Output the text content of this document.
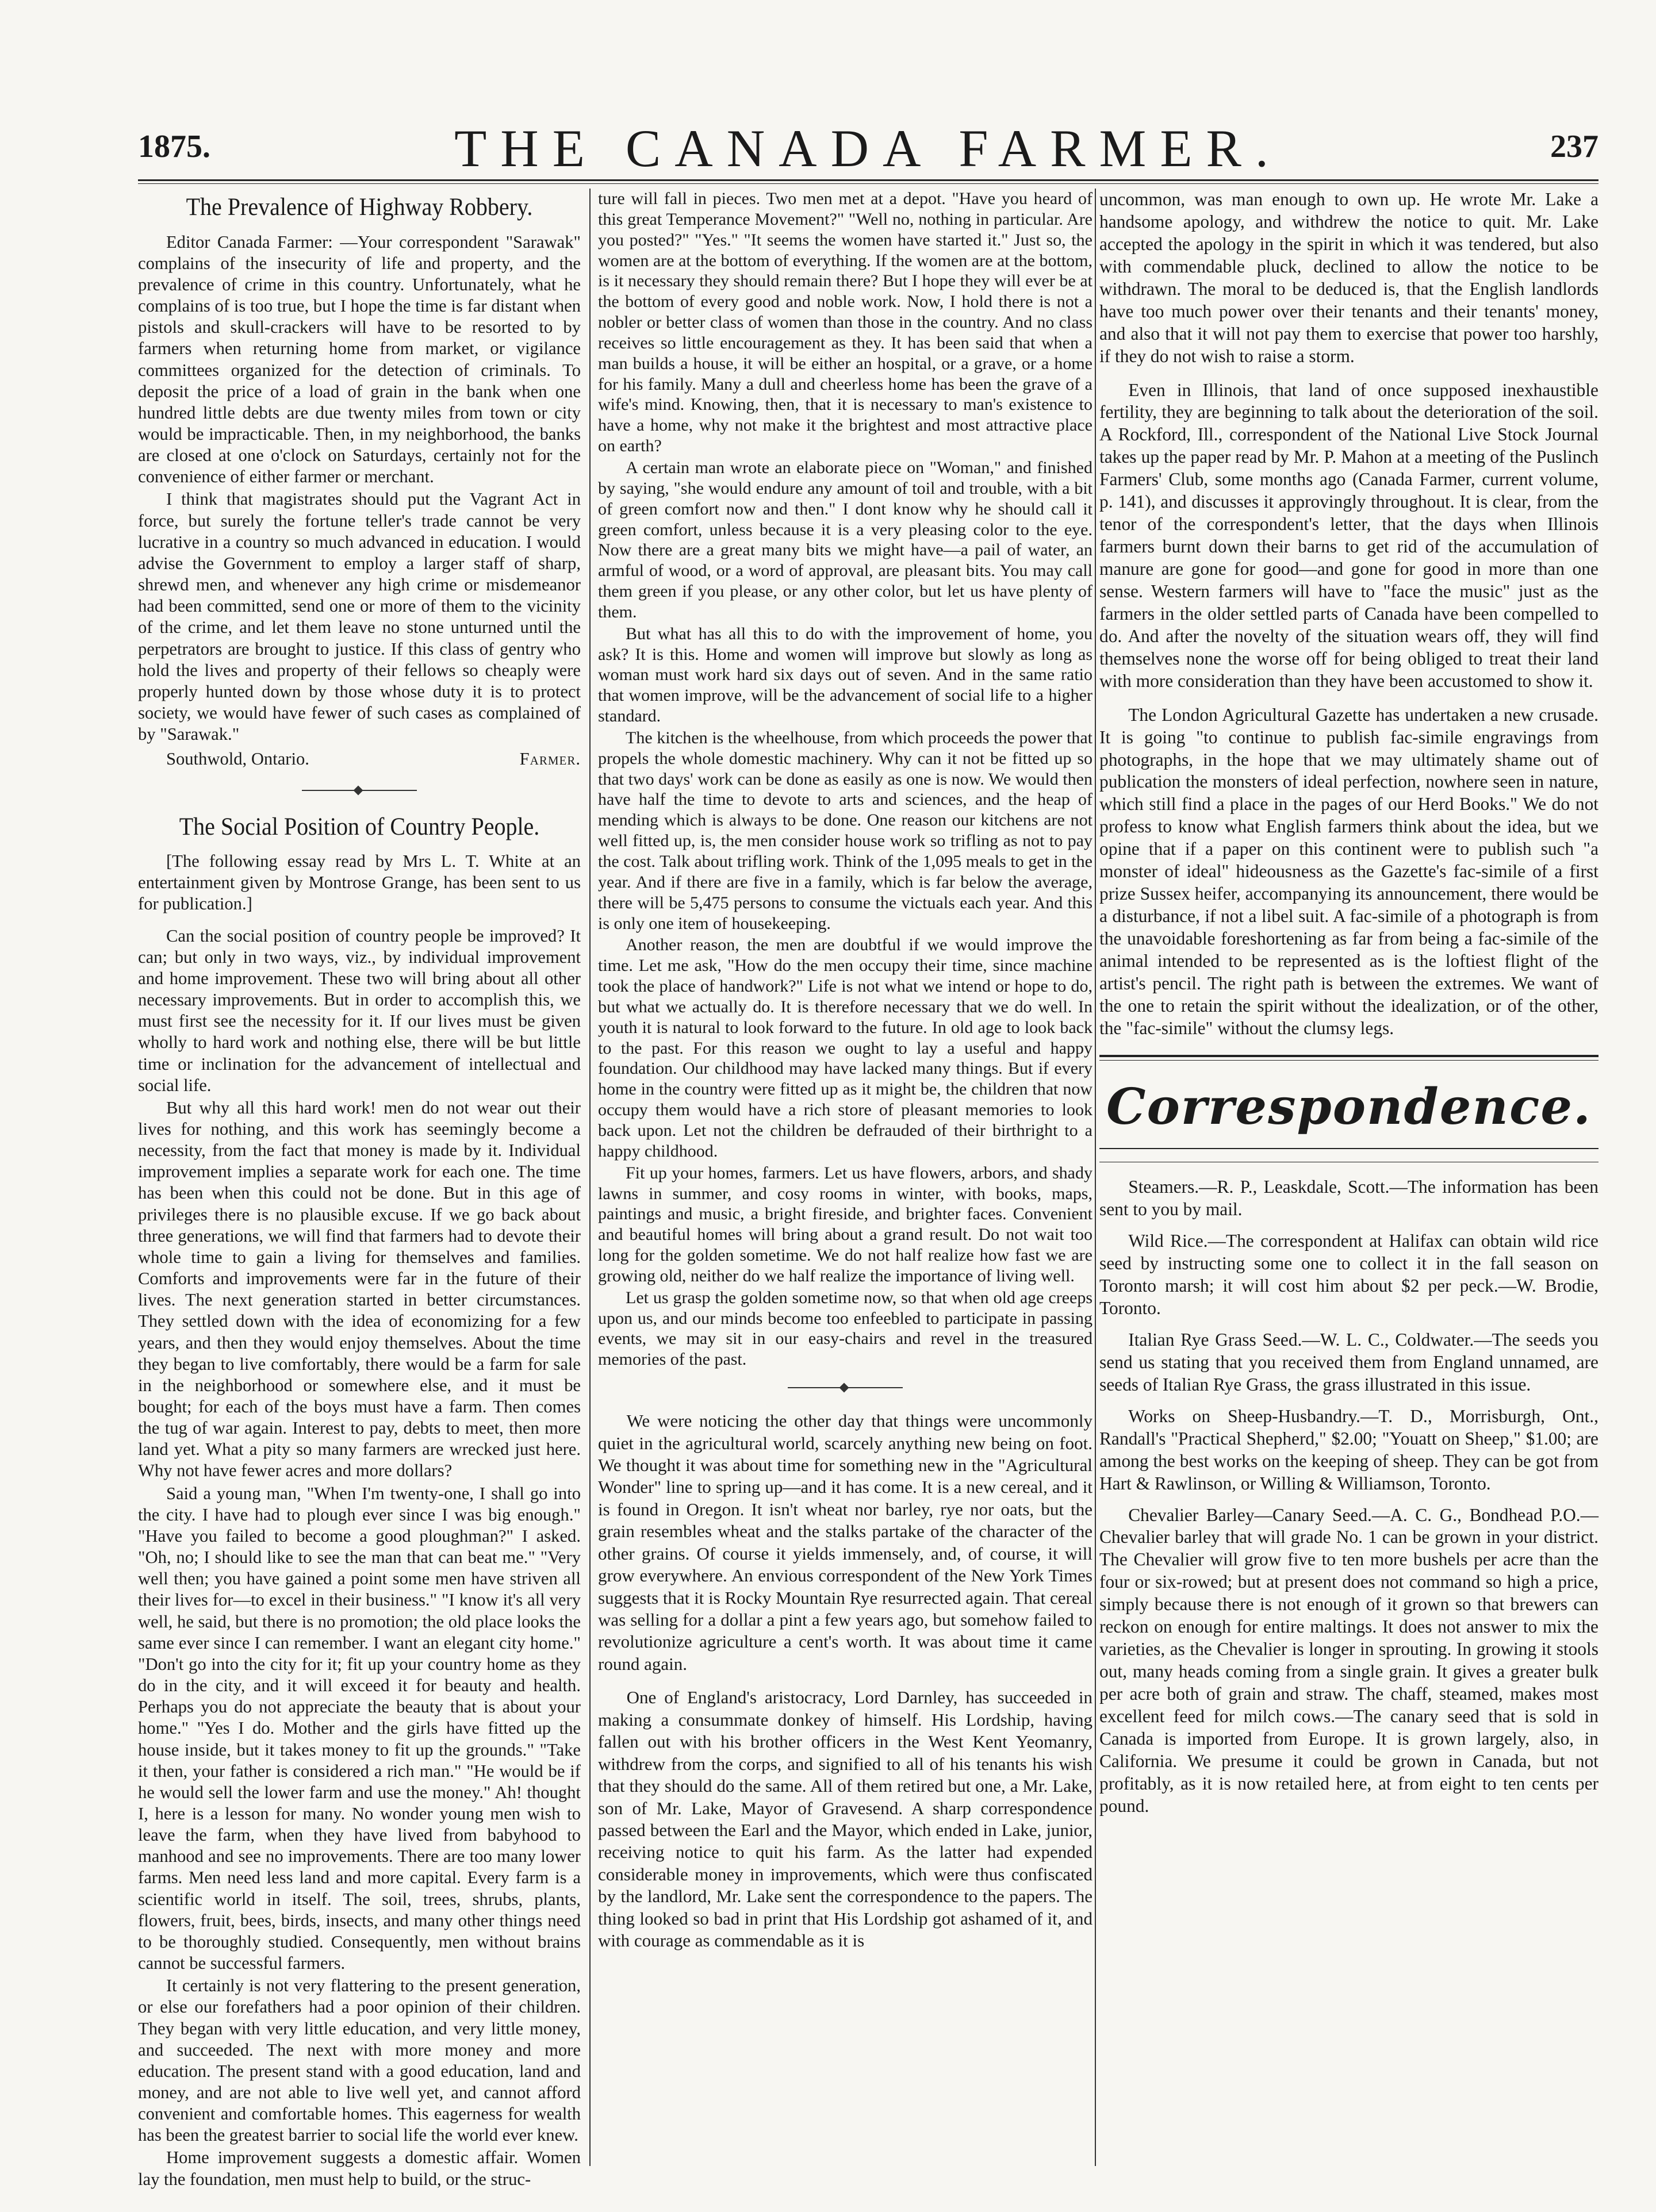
1875.	THE CANADA FARMER.	237
The Prevalence of Highway Robbery.

Editor Canada Farmer: —Your correspondent "Sarawak" complains of the insecurity of life and property, and the prevalence of crime in this country. Unfortunately, what he complains of is too true, but I hope the time is far distant when pistols and skull-crackers will have to be resorted to by farmers when returning home from market, or vigilance committees organized for the detection of criminals. To deposit the price of a load of grain in the bank when one hundred little debts are due twenty miles from town or city would be impracticable. Then, in my neighborhood, the banks are closed at one o'clock on Saturdays, certainly not for the convenience of either farmer or merchant.

I think that magistrates should put the Vagrant Act in force, but surely the fortune teller's trade cannot be very lucrative in a country so much advanced in education. I would advise the Government to employ a larger staff of sharp, shrewd men, and whenever any high crime or misdemeanor had been committed, send one or more of them to the vicinity of the crime, and let them leave no stone unturned until the perpetrators are brought to justice. If this class of gentry who hold the lives and property of their fellows so cheaply were properly hunted down by those whose duty it is to protect society, we would have fewer of such cases as complained of by "Sarawak."

Southwold, Ontario.	Farmer.
The Social Position of Country People.

[The following essay read by Mrs L. T. White at an entertainment given by Montrose Grange, has been sent to us for publication.]

Can the social position of country people be improved? It can; but only in two ways, viz., by individual improvement and home improvement. These two will bring about all other necessary improvements. But in order to accomplish this, we must first see the necessity for it. If our lives must be given wholly to hard work and nothing else, there will be but little time or inclination for the advancement of intellectual and social life.

But why all this hard work! men do not wear out their lives for nothing, and this work has seemingly become a necessity, from the fact that money is made by it. Individual improvement implies a separate work for each one. The time has been when this could not be done. But in this age of privileges there is no plausible excuse. If we go back about three generations, we will find that farmers had to devote their whole time to gain a living for themselves and families. Comforts and improvements were far in the future of their lives. The next generation started in better circumstances. They settled down with the idea of economizing for a few years, and then they would enjoy themselves. About the time they began to live comfortably, there would be a farm for sale in the neighborhood or somewhere else, and it must be bought; for each of the boys must have a farm. Then comes the tug of war again. Interest to pay, debts to meet, then more land yet. What a pity so many farmers are wrecked just here. Why not have fewer acres and more dollars?

Said a young man, "When I'm twenty-one, I shall go into the city. I have had to plough ever since I was big enough." "Have you failed to become a good ploughman?" I asked. "Oh, no; I should like to see the man that can beat me." "Very well then; you have gained a point some men have striven all their lives for—to excel in their business." "I know it's all very well, he said, but there is no promotion; the old place looks the same ever since I can remember. I want an elegant city home." "Don't go into the city for it; fit up your country home as they do in the city, and it will exceed it for beauty and health. Perhaps you do not appreciate the beauty that is about your home." "Yes I do. Mother and the girls have fitted up the house inside, but it takes money to fit up the grounds." "Take it then, your father is considered a rich man." "He would be if he would sell the lower farm and use the money." Ah! thought I, here is a lesson for many. No wonder young men wish to leave the farm, when they have lived from babyhood to manhood and see no improvements. There are too many lower farms. Men need less land and more capital. Every farm is a scientific world in itself. The soil, trees, shrubs, plants, flowers, fruit, bees, birds, insects, and many other things need to be thoroughly studied. Consequently, men without brains cannot be successful farmers.

It certainly is not very flattering to the present generation, or else our forefathers had a poor opinion of their children. They began with very little education, and very little money, and succeeded. The next with more money and more education. The present stand with a good education, land and money, and are not able to live well yet, and cannot afford convenient and comfortable homes. This eagerness for wealth has been the greatest barrier to social life the world ever knew.

Home improvement suggests a domestic affair. Women lay the foundation, men must help to build, or the struc-

ture will fall in pieces. Two men met at a depot. "Have you heard of this great Temperance Movement?" "Well no, nothing in particular. Are you posted?" "Yes." "It seems the women have started it." Just so, the women are at the bottom of everything. If the women are at the bottom, is it necessary they should remain there? But I hope they will ever be at the bottom of every good and noble work. Now, I hold there is not a nobler or better class of women than those in the country. And no class receives so little encouragement as they. It has been said that when a man builds a house, it will be either an hospital, or a grave, or a home for his family. Many a dull and cheerless home has been the grave of a wife's mind. Knowing, then, that it is necessary to man's existence to have a home, why not make it the brightest and most attractive place on earth?

A certain man wrote an elaborate piece on "Woman," and finished by saying, "she would endure any amount of toil and trouble, with a bit of green comfort now and then." I dont know why he should call it green comfort, unless because it is a very pleasing color to the eye. Now there are a great many bits we might have—a pail of water, an armful of wood, or a word of approval, are pleasant bits. You may call them green if you please, or any other color, but let us have plenty of them.

But what has all this to do with the improvement of home, you ask? It is this. Home and women will improve but slowly as long as woman must work hard six days out of seven. And in the same ratio that women improve, will be the advancement of social life to a higher standard.

The kitchen is the wheelhouse, from which proceeds the power that propels the whole domestic machinery. Why can it not be fitted up so that two days' work can be done as easily as one is now. We would then have half the time to devote to arts and sciences, and the heap of mending which is always to be done. One reason our kitchens are not well fitted up, is, the men consider house work so trifling as not to pay the cost. Talk about trifling work. Think of the 1,095 meals to get in the year. And if there are five in a family, which is far below the average, there will be 5,475 persons to consume the victuals each year. And this is only one item of housekeeping.

Another reason, the men are doubtful if we would improve the time. Let me ask, "How do the men occupy their time, since machine took the place of handwork?" Life is not what we intend or hope to do, but what we actually do. It is therefore necessary that we do well. In youth it is natural to look forward to the future. In old age to look back to the past. For this reason we ought to lay a useful and happy foundation. Our childhood may have lacked many things. But if every home in the country were fitted up as it might be, the children that now occupy them would have a rich store of pleasant memories to look back upon. Let not the children be defrauded of their birthright to a happy childhood.

Fit up your homes, farmers. Let us have flowers, arbors, and shady lawns in summer, and cosy rooms in winter, with books, maps, paintings and music, a bright fireside, and brighter faces. Convenient and beautiful homes will bring about a grand result. Do not wait too long for the golden sometime. We do not half realize how fast we are growing old, neither do we half realize the importance of living well.

Let us grasp the golden sometime now, so that when old age creeps upon us, and our minds become too enfeebled to participate in passing events, we may sit in our easy-chairs and revel in the treasured memories of the past.

We were noticing the other day that things were uncommonly quiet in the agricultural world, scarcely anything new being on foot. We thought it was about time for something new in the "Agricultural Wonder" line to spring up—and it has come. It is a new cereal, and it is found in Oregon. It isn't wheat nor barley, rye nor oats, but the grain resembles wheat and the stalks partake of the character of the other grains. Of course it yields immensely, and, of course, it will grow everywhere. An envious correspondent of the New York Times suggests that it is Rocky Mountain Rye resurrected again. That cereal was selling for a dollar a pint a few years ago, but somehow failed to revolutionize agriculture a cent's worth. It was about time it came round again.

One of England's aristocracy, Lord Darnley, has succeeded in making a consummate donkey of himself. His Lordship, having fallen out with his brother officers in the West Kent Yeomanry, withdrew from the corps, and signified to all of his tenants his wish that they should do the same. All of them retired but one, a Mr. Lake, son of Mr. Lake, Mayor of Gravesend. A sharp correspondence passed between the Earl and the Mayor, which ended in Lake, junior, receiving notice to quit his farm. As the latter had expended considerable money in improvements, which were thus confiscated by the landlord, Mr. Lake sent the correspondence to the papers. The thing looked so bad in print that His Lordship got ashamed of it, and with courage as commendable as it is

uncommon, was man enough to own up. He wrote Mr. Lake a handsome apology, and withdrew the notice to quit. Mr. Lake accepted the apology in the spirit in which it was tendered, but also with commendable pluck, declined to allow the notice to be withdrawn. The moral to be deduced is, that the English landlords have too much power over their tenants and their tenants' money, and also that it will not pay them to exercise that power too harshly, if they do not wish to raise a storm.

Even in Illinois, that land of once supposed inexhaustible fertility, they are beginning to talk about the deterioration of the soil. A Rockford, Ill., correspondent of the National Live Stock Journal takes up the paper read by Mr. P. Mahon at a meeting of the Puslinch Farmers' Club, some months ago (Canada Farmer, current volume, p. 141), and discusses it approvingly throughout. It is clear, from the tenor of the correspondent's letter, that the days when Illinois farmers burnt down their barns to get rid of the accumulation of manure are gone for good—and gone for good in more than one sense. Western farmers will have to "face the music" just as the farmers in the older settled parts of Canada have been compelled to do. And after the novelty of the situation wears off, they will find themselves none the worse off for being obliged to treat their land with more consideration than they have been accustomed to show it.

The London Agricultural Gazette has undertaken a new crusade. It is going "to continue to publish fac-simile engravings from photographs, in the hope that we may ultimately shame out of publication the monsters of ideal perfection, nowhere seen in nature, which still find a place in the pages of our Herd Books." We do not profess to know what English farmers think about the idea, but we opine that if a paper on this continent were to publish such "a monster of ideal" hideousness as the Gazette's fac-simile of a first prize Sussex heifer, accompanying its announcement, there would be a disturbance, if not a libel suit. A fac-simile of a photograph is from the unavoidable foreshortening as far from being a fac-simile of the animal intended to be represented as is the loftiest flight of the artist's pencil. The right path is between the extremes. We want of the one to retain the spirit without the idealization, or of the other, the "fac-simile" without the clumsy legs.

Correspondence.

Steamers.—R. P., Leaskdale, Scott.—The information has been sent to you by mail.

Wild Rice.—The correspondent at Halifax can obtain wild rice seed by instructing some one to collect it in the fall season on Toronto marsh; it will cost him about $2 per peck.—W. Brodie, Toronto.

Italian Rye Grass Seed.—W. L. C., Coldwater.—The seeds you send us stating that you received them from England unnamed, are seeds of Italian Rye Grass, the grass illustrated in this issue.

Works on Sheep-Husbandry.—T. D., Morrisburgh, Ont., Randall's "Practical Shepherd," $2.00; "Youatt on Sheep," $1.00; are among the best works on the keeping of sheep. They can be got from Hart & Rawlinson, or Willing & Williamson, Toronto.

Chevalier Barley—Canary Seed.—A. C. G., Bondhead P.O.—Chevalier barley that will grade No. 1 can be grown in your district. The Chevalier will grow five to ten more bushels per acre than the four or six-rowed; but at present does not command so high a price, simply because there is not enough of it grown so that brewers can reckon on enough for entire maltings. It does not answer to mix the varieties, as the Chevalier is longer in sprouting. In growing it stools out, many heads coming from a single grain. It gives a greater bulk per acre both of grain and straw. The chaff, steamed, makes most excellent feed for milch cows.—The canary seed that is sold in Canada is imported from Europe. It is grown largely, also, in California. We presume it could be grown in Canada, but not profitably, as it is now retailed here, at from eight to ten cents per pound.
